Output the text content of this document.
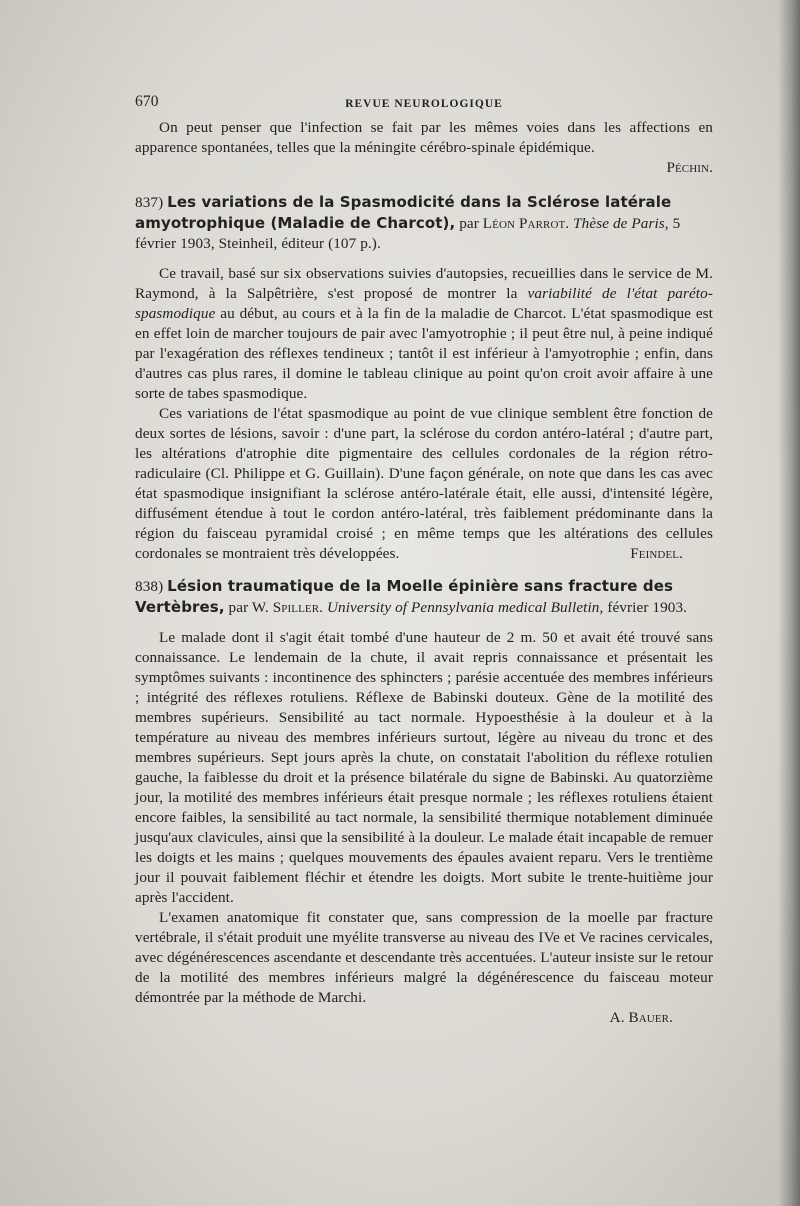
670	REVUE NEUROLOGIQUE

On peut penser que l'infection se fait par les mêmes voies dans les affections en apparence spontanées, telles que la méningite cérébro-spinale épidémique.

Péchin.

837) Les variations de la Spasmodicité dans la Sclérose latérale amyotrophique (Maladie de Charcot), par Léon Parrot. Thèse de Paris, 5 février 1903, Steinheil, éditeur (107 p.).

Ce travail, basé sur six observations suivies d'autopsies, recueillies dans le service de M. Raymond, à la Salpêtrière, s'est proposé de montrer la variabilité de l'état paréto-spasmodique au début, au cours et à la fin de la maladie de Charcot. L'état spasmodique est en effet loin de marcher toujours de pair avec l'amyotrophie ; il peut être nul, à peine indiqué par l'exagération des réflexes tendineux ; tantôt il est inférieur à l'amyotrophie ; enfin, dans d'autres cas plus rares, il domine le tableau clinique au point qu'on croit avoir affaire à une sorte de tabes spasmodique.

Ces variations de l'état spasmodique au point de vue clinique semblent être fonction de deux sortes de lésions, savoir : d'une part, la sclérose du cordon antéro-latéral ; d'autre part, les altérations d'atrophie dite pigmentaire des cellules cordonales de la région rétro-radiculaire (Cl. Philippe et G. Guillain). D'une façon générale, on note que dans les cas avec état spasmodique insignifiant la sclérose antéro-latérale était, elle aussi, d'intensité légère, diffusément étendue à tout le cordon antéro-latéral, très faiblement prédominante dans la région du faisceau pyramidal croisé ; en même temps que les altérations des cellules cordonales se montraient très développées.	Feindel.

838) Lésion traumatique de la Moelle épinière sans fracture des Vertèbres, par W. Spiller. University of Pennsylvania medical Bulletin, février 1903.

Le malade dont il s'agit était tombé d'une hauteur de 2 m. 50 et avait été trouvé sans connaissance. Le lendemain de la chute, il avait repris connaissance et présentait les symptômes suivants : incontinence des sphincters ; parésie accentuée des membres inférieurs ; intégrité des réflexes rotuliens. Réflexe de Babinski douteux. Gène de la motilité des membres supérieurs. Sensibilité au tact normale. Hypoesthésie à la douleur et à la température au niveau des membres inférieurs surtout, légère au niveau du tronc et des membres supérieurs. Sept jours après la chute, on constatait l'abolition du réflexe rotulien gauche, la faiblesse du droit et la présence bilatérale du signe de Babinski. Au quatorzième jour, la motilité des membres inférieurs était presque normale ; les réflexes rotuliens étaient encore faibles, la sensibilité au tact normale, la sensibilité thermique notablement diminuée jusqu'aux clavicules, ainsi que la sensibilité à la douleur. Le malade était incapable de remuer les doigts et les mains ; quelques mouvements des épaules avaient reparu. Vers le trentième jour il pouvait faiblement fléchir et étendre les doigts. Mort subite le trente-huitième jour après l'accident.

L'examen anatomique fit constater que, sans compression de la moelle par fracture vertébrale, il s'était produit une myélite transverse au niveau des IVe et Ve racines cervicales, avec dégénérescences ascendante et descendante très accentuées. L'auteur insiste sur le retour de la motilité des membres inférieurs malgré la dégénérescence du faisceau moteur démontrée par la méthode de Marchi.

A. Bauer.
